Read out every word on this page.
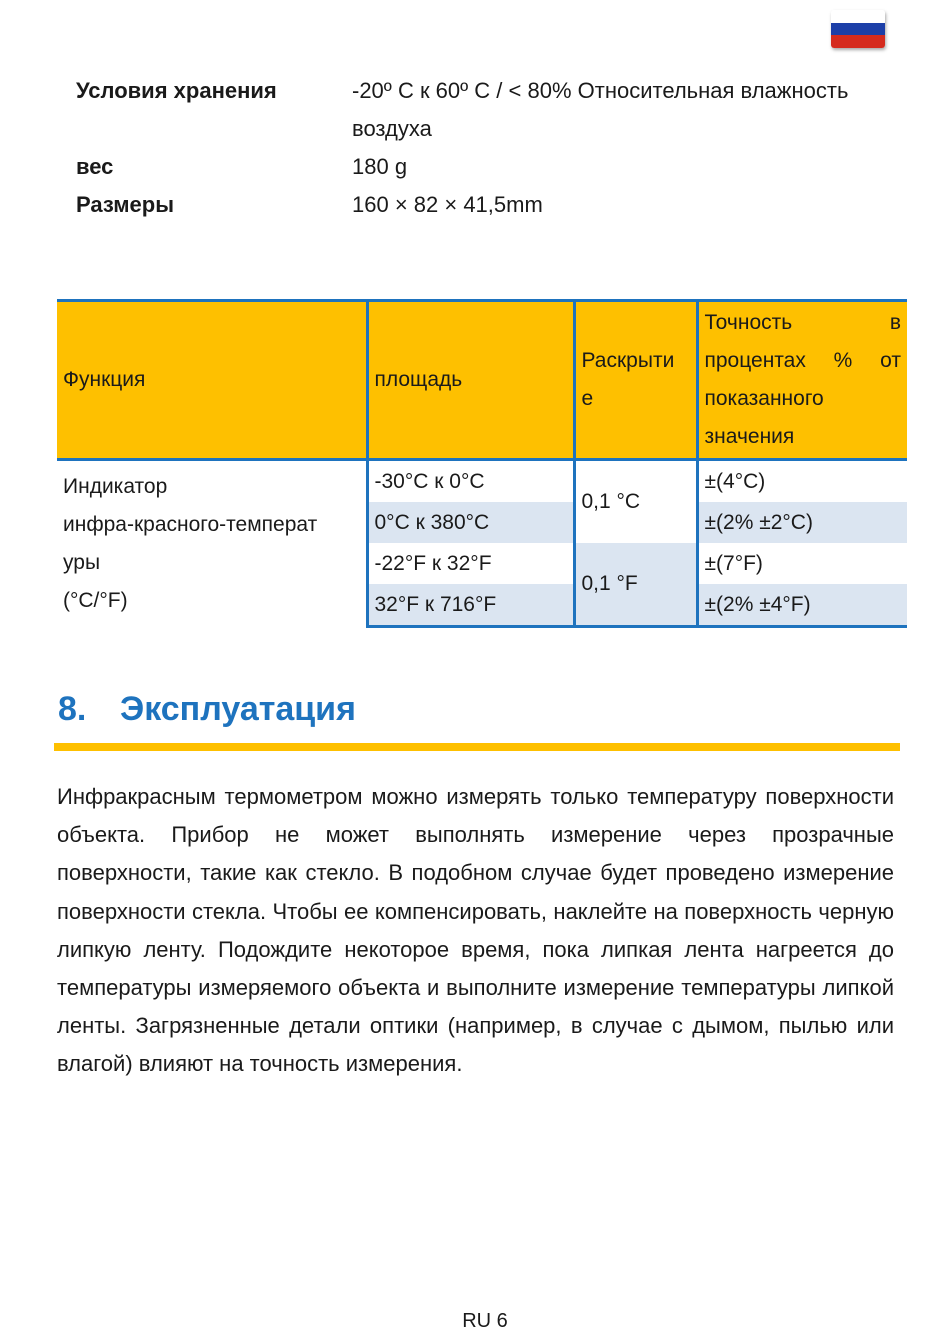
Условия хранения	-20º C к 60º C / < 80% Относительная влажность воздуха
вес	180 g
Размеры	160 × 82 × 41,5mm
Функция	площадь	Раскрыти е	Точность в
процентах % от
показанного
значения

Индикатор
инфра-красного-температ
уры
(°C/°F)	-30°C к 0°C	0,1 °C	±(4°C)
	0°C к 380°C		±(2% ±2°C)
	-22°F к 32°F	0,1 °F	±(7°F)
	32°F к 716°F		±(2% ±4°F)
8. Эксплуатация
Инфракрасным термометром можно измерять только температуру поверхности объекта. Прибор не может выполнять измерение через прозрачные поверхности, такие как стекло. В подобном случае будет проведено измерение поверхности стекла. Чтобы ее компенсировать, наклейте на поверхность черную липкую ленту. Подождите некоторое время, пока липкая лента нагреется до температуры измеряемого объекта и выполните измерение температуры липкой ленты. Загрязненные детали оптики (например, в случае с дымом, пылью или влагой) влияют на точность измерения.
RU 6
